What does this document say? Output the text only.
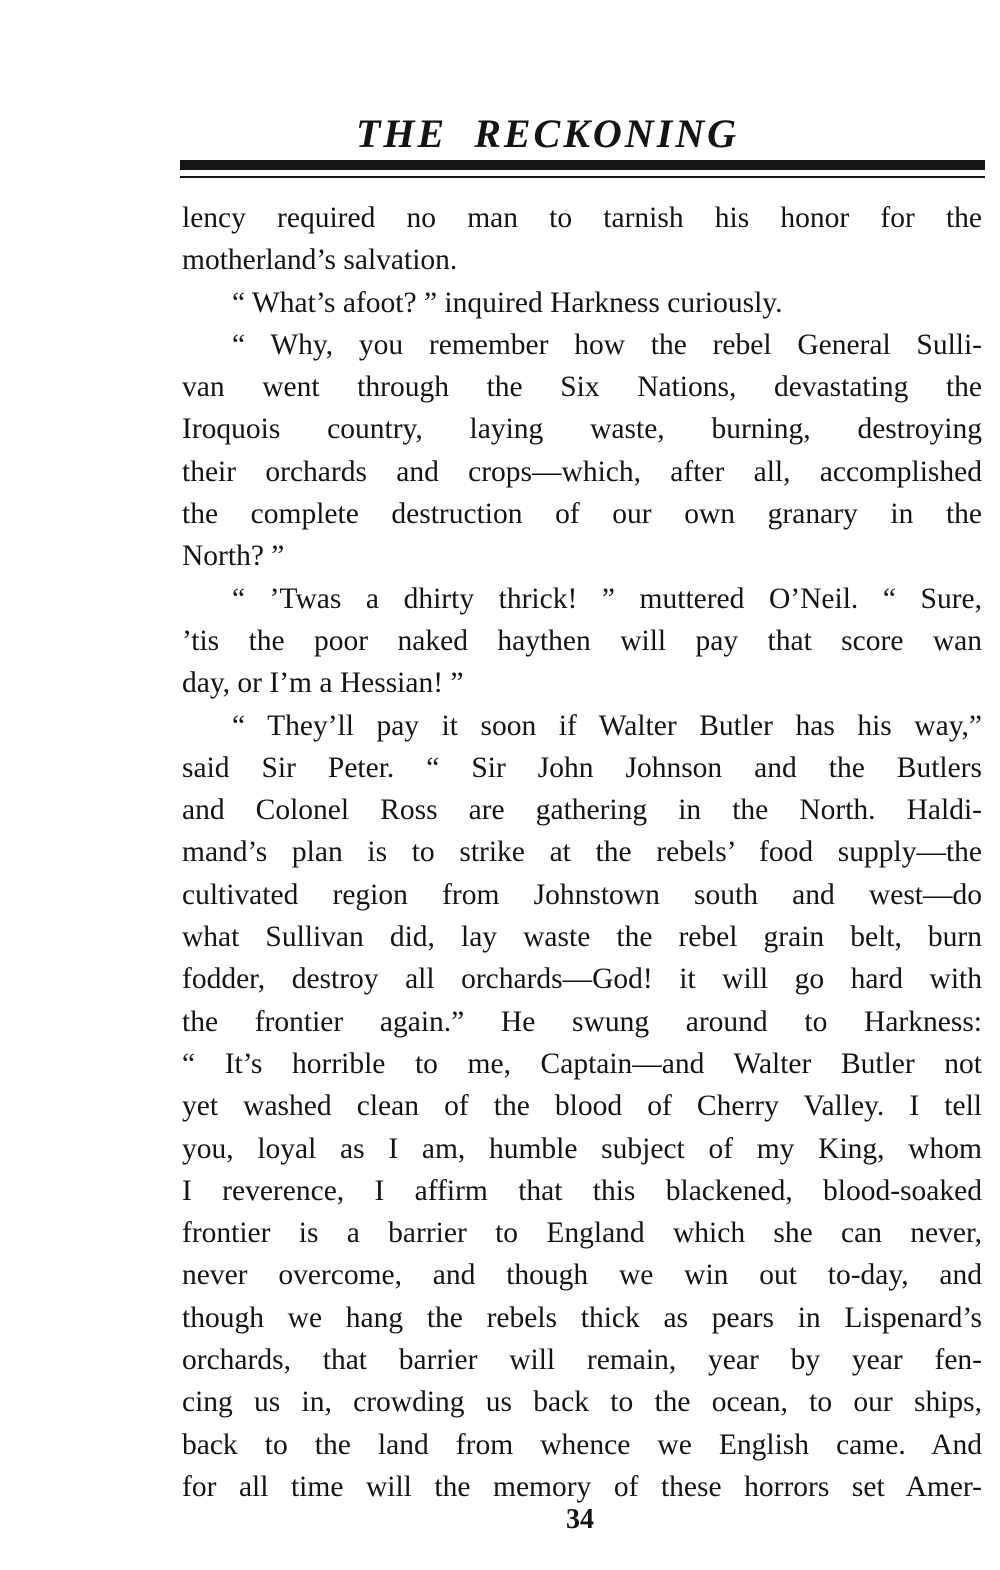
THE RECKONING
lency required no man to tarnish his honor for the
motherland’s salvation.
“ What’s afoot? ” inquired Harkness curiously.
“ Why, you remember how the rebel General Sulli-
van went through the Six Nations, devastating the
Iroquois country, laying waste, burning, destroying
their orchards and crops—which, after all, accomplished
the complete destruction of our own granary in the
North? ”
“ ’Twas a dhirty thrick! ” muttered O’Neil. “ Sure,
’tis the poor naked haythen will pay that score wan
day, or I’m a Hessian! ”
“ They’ll pay it soon if Walter Butler has his way,”
said Sir Peter. “ Sir John Johnson and the Butlers
and Colonel Ross are gathering in the North. Haldi-
mand’s plan is to strike at the rebels’ food supply—the
cultivated region from Johnstown south and west—do
what Sullivan did, lay waste the rebel grain belt, burn
fodder, destroy all orchards—God! it will go hard with
the frontier again.” He swung around to Harkness:
“ It’s horrible to me, Captain—and Walter Butler not
yet washed clean of the blood of Cherry Valley. I tell
you, loyal as I am, humble subject of my King, whom
I reverence, I affirm that this blackened, blood-soaked
frontier is a barrier to England which she can never,
never overcome, and though we win out to-day, and
though we hang the rebels thick as pears in Lispenard’s
orchards, that barrier will remain, year by year fen-
cing us in, crowding us back to the ocean, to our ships,
back to the land from whence we English came. And
for all time will the memory of these horrors set Amer-
34
